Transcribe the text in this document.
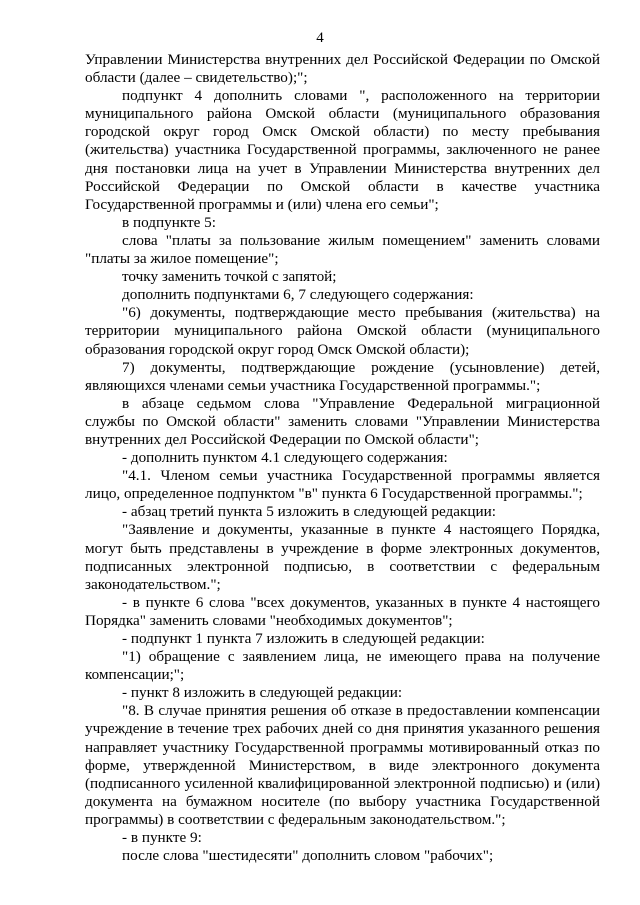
4

Управлении Министерства внутренних дел Российской Федерации по Омской области (далее – свидетельство);";

подпункт 4 дополнить словами ", расположенного на территории муниципального района Омской области (муниципального образования городской округ город Омск Омской области) по месту пребывания (жительства) участника Государственной программы, заключенного не ранее дня постановки лица на учет в Управлении Министерства внутренних дел Российской Федерации по Омской области в качестве участника Государственной программы и (или) члена его семьи";

в подпункте 5:

слова "платы за пользование жилым помещением" заменить словами "платы за жилое помещение";

точку заменить точкой с запятой;

дополнить подпунктами 6, 7 следующего содержания:

"6) документы, подтверждающие место пребывания (жительства) на территории муниципального района Омской области (муниципального образования городской округ город Омск Омской области);

7) документы, подтверждающие рождение (усыновление) детей, являющихся членами семьи участника Государственной программы.";

в абзаце седьмом слова "Управление Федеральной миграционной службы по Омской области" заменить словами "Управлении Министерства внутренних дел Российской Федерации по Омской области";

- дополнить пунктом 4.1 следующего содержания:

"4.1. Членом семьи участника Государственной программы является лицо, определенное подпунктом "в" пункта 6 Государственной программы.";

- абзац третий пункта 5 изложить в следующей редакции:

"Заявление и документы, указанные в пункте 4 настоящего Порядка, могут быть представлены в учреждение в форме электронных документов, подписанных электронной подписью, в соответствии с федеральным законодательством.";

- в пункте 6 слова "всех документов, указанных в пункте 4 настоящего Порядка" заменить словами "необходимых документов";

- подпункт 1 пункта 7 изложить в следующей редакции:

"1) обращение с заявлением лица, не имеющего права на получение компенсации;";

- пункт 8 изложить в следующей редакции:

"8. В случае принятия решения об отказе в предоставлении компенсации учреждение в течение трех рабочих дней со дня принятия указанного решения направляет участнику Государственной программы мотивированный отказ по форме, утвержденной Министерством, в виде электронного документа (подписанного усиленной квалифицированной электронной подписью) и (или) документа на бумажном носителе (по выбору участника Государственной программы) в соответствии с федеральным законодательством.";

- в пункте 9:

после слова "шестидесяти" дополнить словом "рабочих";
